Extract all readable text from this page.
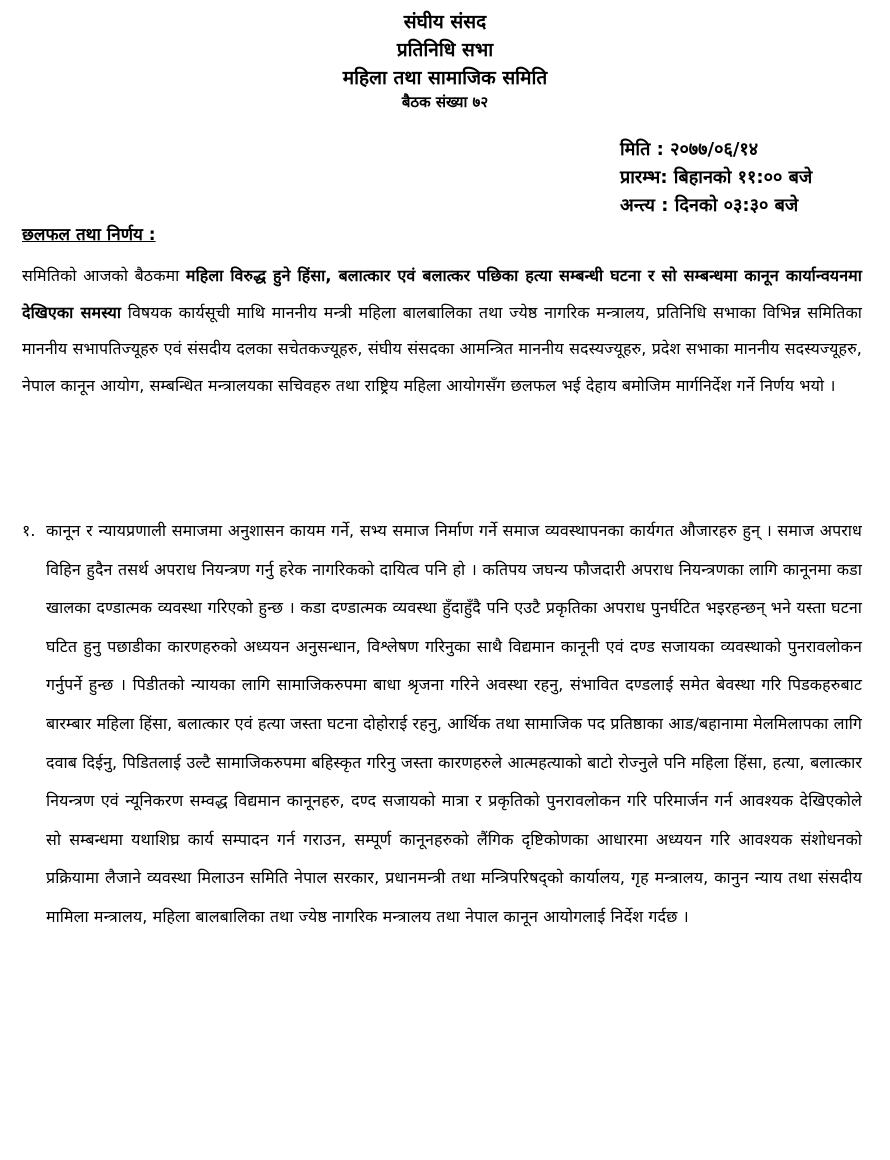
संघीय संसद
प्रतिनिधि सभा
महिला तथा सामाजिक समिति
बैठक संख्या ७२
मिति : २०७७/०६/१४
प्रारम्भ: बिहानको ११:०० बजे
अन्त्य : दिनको ०३:३० बजे
छलफल तथा निर्णय :

समितिको आजको बैठकमा महिला विरुद्ध हुने हिंसा, बलात्कार एवं बलात्कर पछिका हत्या सम्बन्धी घटना र सो सम्बन्धमा कानून कार्यान्वयनमा देखिएका समस्या विषयक कार्यसूची माथि माननीय मन्त्री महिला बालबालिका तथा ज्येष्ठ नागरिक मन्त्रालय, प्रतिनिधि सभाका विभिन्न समितिका माननीय सभापतिज्यूहरु एवं संसदीय दलका सचेतकज्यूहरु, संघीय संसदका आमन्त्रित माननीय सदस्यज्यूहरु, प्रदेश सभाका माननीय सदस्यज्यूहरु, नेपाल कानून आयोग, सम्बन्धित मन्त्रालयका सचिवहरु तथा राष्ट्रिय महिला आयोगसँग छलफल भई देहाय बमोजिम मार्गनिर्देश गर्ने निर्णय भयो ।

१. कानून र न्यायप्रणाली समाजमा अनुशासन कायम गर्ने, सभ्य समाज निर्माण गर्ने समाज व्यवस्थापनका कार्यगत औजारहरु हुन् । समाज अपराध विहिन हुदैन तसर्थ अपराध नियन्त्रण गर्नु हरेक नागरिकको दायित्व पनि हो । कतिपय जघन्य फौजदारी अपराध नियन्त्रणका लागि कानूनमा कडा खालका दण्डात्मक व्यवस्था गरिएको हुन्छ । कडा दण्डात्मक व्यवस्था हुँदाहुँदै पनि एउटै प्रकृतिका अपराध पुनर्घटित भइरहन्छन् भने यस्ता घटना घटित हुनु पछाडीका कारणहरुको अध्ययन अनुसन्धान, विश्लेषण गरिनुका साथै विद्यमान कानूनी एवं दण्ड सजायका व्यवस्थाको पुनरावलोकन गर्नुपर्ने हुन्छ । पिडीतको न्यायका लागि सामाजिकरुपमा बाधा श्रृजना गरिने अवस्था रहनु, संभावित दण्डलाई समेत बेवस्था गरि पिडकहरुबाट बारम्बार महिला हिंसा, बलात्कार एवं हत्या जस्ता घटना दोहोराई रहनु, आर्थिक तथा सामाजिक पद प्रतिष्ठाका आड/बहानामा मेलमिलापका लागि दवाब दिईनु, पिडितलाई उल्टै सामाजिकरुपमा बहिस्कृत गरिनु जस्ता कारणहरुले आत्महत्याको बाटो रोज्नुले पनि महिला हिंसा, हत्या, बलात्कार नियन्त्रण एवं न्यूनिकरण सम्वद्ध विद्यमान कानूनहरु, दण्द सजायको मात्रा र प्रकृतिको पुनरावलोकन गरि परिमार्जन गर्न आवश्यक देखिएकोले सो सम्बन्धमा यथाशिघ्र कार्य सम्पादन गर्न गराउन, सम्पूर्ण कानूनहरुको लैंगिक दृष्टिकोणका आधारमा अध्ययन गरि आवश्यक संशोधनको प्रक्रियामा लैजाने व्यवस्था मिलाउन समिति नेपाल सरकार, प्रधानमन्त्री तथा मन्त्रिपरिषद्को कार्यालय, गृह मन्त्रालय, कानुन न्याय तथा संसदीय मामिला मन्त्रालय, महिला बालबालिका तथा ज्येष्ठ नागरिक मन्त्रालय तथा नेपाल कानून आयोगलाई निर्देश गर्दछ ।
